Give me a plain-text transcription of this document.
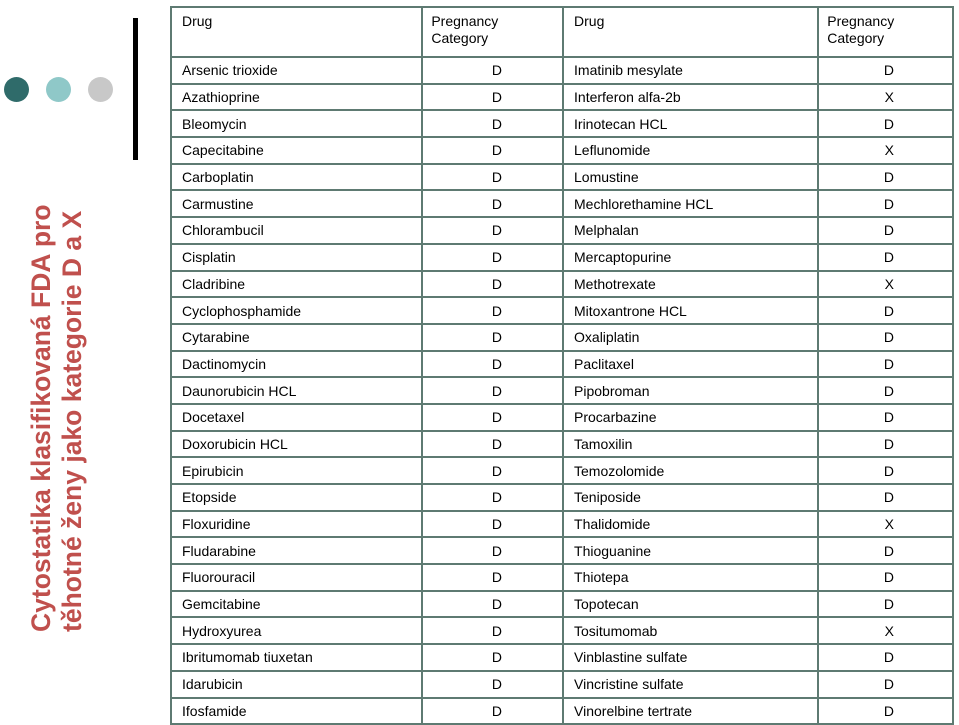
Cytostatika klasifikovaná FDA pro těhotné ženy jako kategorie D a X
Drug	Pregnancy Category	Drug	Pregnancy Category
Arsenic trioxide	D	Imatinib mesylate	D
Azathioprine	D	Interferon alfa-2b	X
Bleomycin	D	Irinotecan HCL	D
Capecitabine	D	Leflunomide	X
Carboplatin	D	Lomustine	D
Carmustine	D	Mechlorethamine HCL	D
Chlorambucil	D	Melphalan	D
Cisplatin	D	Mercaptopurine	D
Cladribine	D	Methotrexate	X
Cyclophosphamide	D	Mitoxantrone HCL	D
Cytarabine	D	Oxaliplatin	D
Dactinomycin	D	Paclitaxel	D
Daunorubicin HCL	D	Pipobroman	D
Docetaxel	D	Procarbazine	D
Doxorubicin HCL	D	Tamoxilin	D
Epirubicin	D	Temozolomide	D
Etopside	D	Teniposide	D
Floxuridine	D	Thalidomide	X
Fludarabine	D	Thioguanine	D
Fluorouracil	D	Thiotepa	D
Gemcitabine	D	Topotecan	D
Hydroxyurea	D	Tositumomab	X
Ibritumomab tiuxetan	D	Vinblastine sulfate	D
Idarubicin	D	Vincristine sulfate	D
Ifosfamide	D	Vinorelbine tertrate	D
